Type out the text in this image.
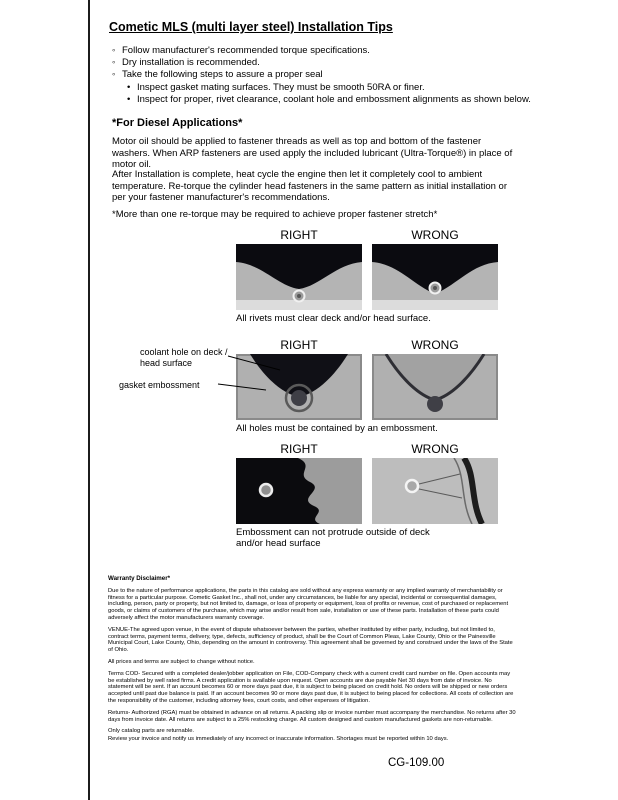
Cometic MLS (multi layer steel) Installation Tips
◦ Follow manufacturer's recommended torque specifications.
◦ Dry installation is recommended.
◦ Take the following steps to assure a proper seal
• Inspect gasket mating surfaces. They must be smooth 50RA or finer.
• Inspect for proper, rivet clearance, coolant hole and embossment alignments as shown below.
*For Diesel Applications*
Motor oil should be applied to fastener threads as well as top and bottom of the fastener washers. When ARP fasteners are used apply the included lubricant (Ultra-Torque®) in place of motor oil.
After Installation is complete, heat cycle the engine then let it completely cool to ambient temperature. Re-torque the cylinder head fasteners in the same pattern as initial installation or per your fastener manufacturer's recommendations.
*More than one re-torque may be required to achieve proper fastener stretch*
RIGHT	WRONG
All rivets must clear deck and/or head surface.
coolant hole on deck / head surface
gasket embossment
RIGHT	WRONG
All holes must be contained by an embossment.
RIGHT	WRONG
Embossment can not protrude outside of deck and/or head surface

Warranty Disclaimer*

Due to the nature of performance applications, the parts in this catalog are sold without any express warranty or any implied warranty of merchantability or fitness for a particular purpose. Cometic Gasket Inc., shall not, under any circumstances, be liable for any special, incidental or consequential damages, including, person, party or property, but not limited to, damage, or loss of property or equipment, loss of profits or revenue, cost of purchased or replacement goods, or claims of customers of the purchase, which may arise and/or result from sale, installation or use of these parts. Installation of these parts could adversely affect the motor manufacturers warranty coverage.

VENUE-The agreed upon venue, in the event of dispute whatsoever between the parties, whether instituted by either party, including, but not limited to, contract terms, payment terms, delivery, type, defects, sufficiency of product, shall be the Court of Common Pleas, Lake County, Ohio or the Painesville Municipal Court, Lake County, Ohio, depending on the amount in controversy. This agreement shall be governed by and construed under the laws of the State of Ohio.

All prices and terms are subject to change without notice.

Terms COD- Secured with a completed dealer/jobber application on File, COD-Company check with a current credit card number on file. Open accounts may be established by well rated firms. A credit application is available upon request. Open accounts are due payable Net 30 days from date of invoice. No statement will be sent. If an account becomes 60 or more days past due, it is subject to being placed on credit hold. No orders will be shipped or new orders accepted until past due balance is paid. If an account becomes 90 or more days past due, it is subject to being placed for collections. All costs of collection are the responsibility of the customer, including attorney fees, court costs, and other expenses of litigation.

Returns- Authorized (RGA) must be obtained in advance on all returns. A packing slip or invoice number must accompany the merchandise. No returns after 30 days from invoice date. All returns are subject to a 25% restocking charge. All custom designed and custom manufactured gaskets are non-returnable.

Only catalog parts are returnable.

Review your invoice and notify us immediately of any incorrect or inaccurate information. Shortages must be reported within 10 days.

CG-109.00
